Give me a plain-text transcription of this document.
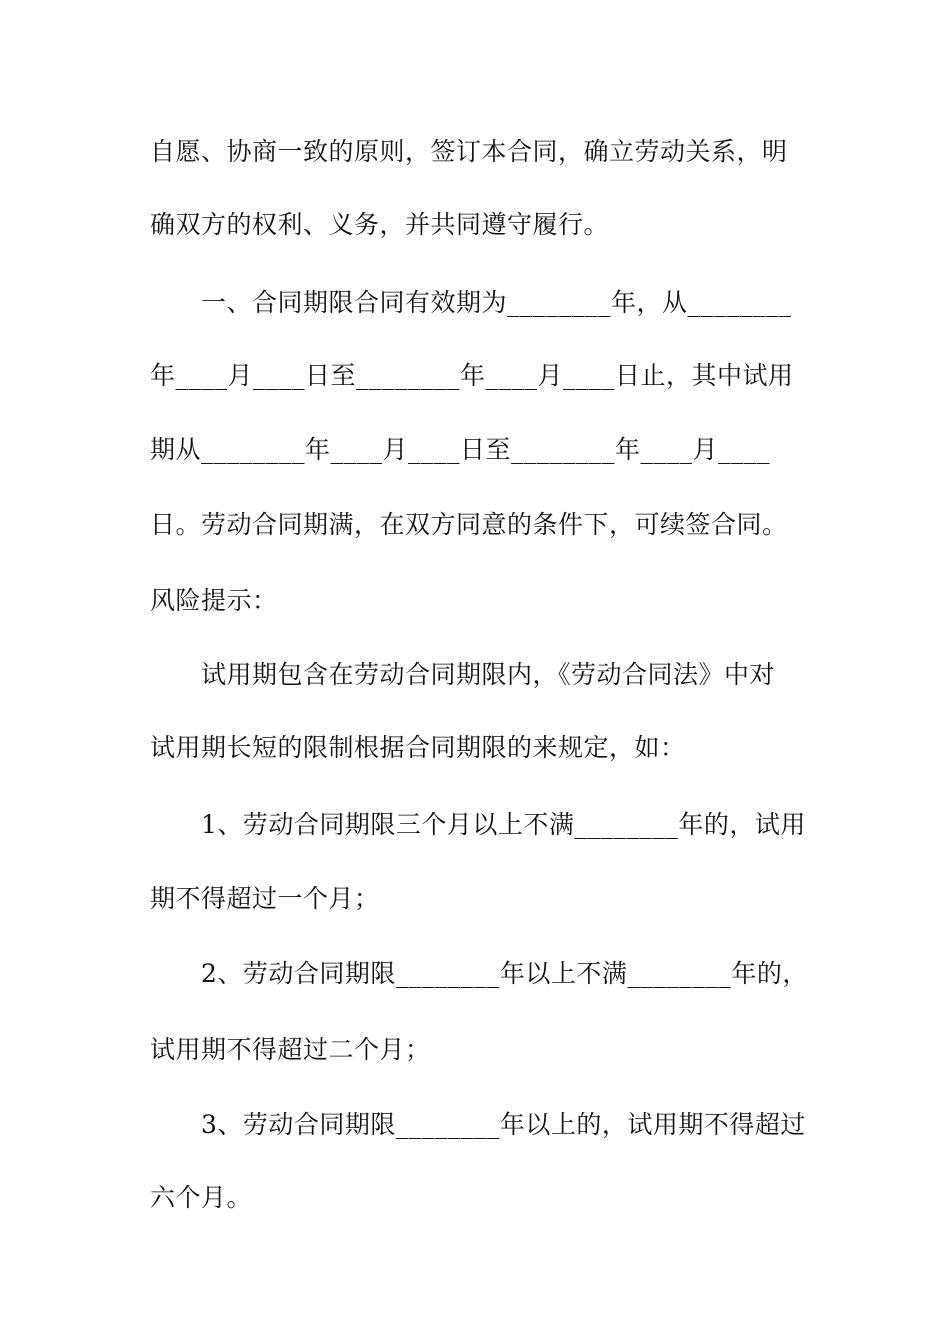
自愿、协商一致的原则，签订本合同，确立劳动关系，明
确双方的权利、义务，并共同遵守履行。
一、合同期限合同有效期为________年，从________
年____月____日至________年____月____日止，其中试用
期从________年____月____日至________年____月____
日。劳动合同期满，在双方同意的条件下，可续签合同。
风险提示：
试用期包含在劳动合同期限内，《劳动合同法》中对
试用期长短的限制根据合同期限的来规定，如：
1、劳动合同期限三个月以上不满________年的，试用
期不得超过一个月；
2、劳动合同期限________年以上不满________年的，
试用期不得超过二个月；
3、劳动合同期限________年以上的，试用期不得超过
六个月。
